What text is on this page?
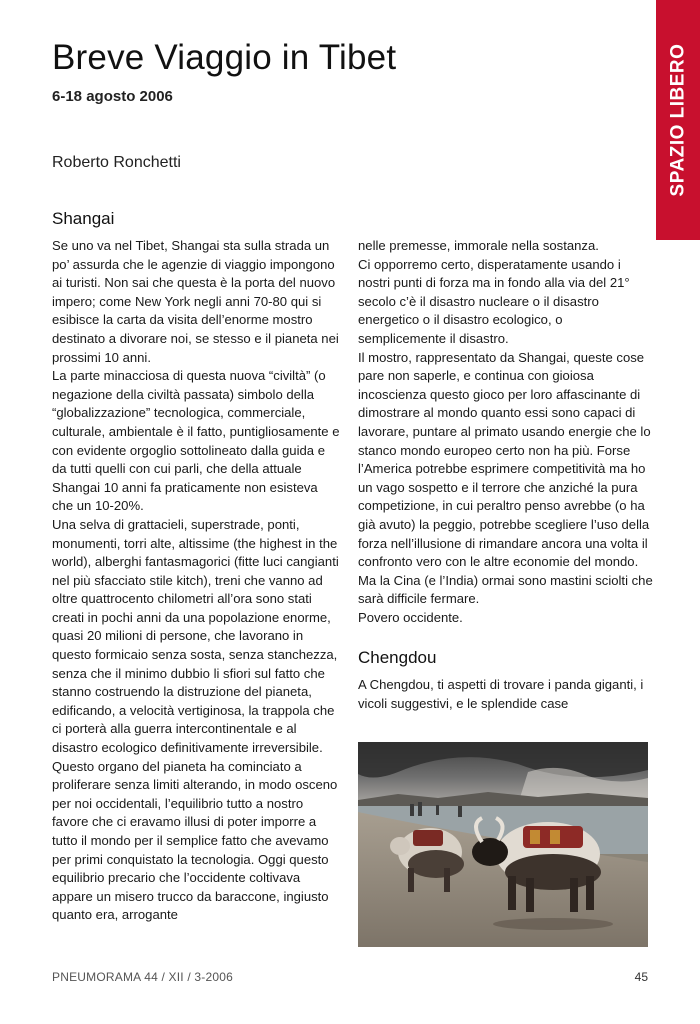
SPAZIO LIBERO
Breve Viaggio in Tibet
6-18 agosto 2006
Roberto Ronchetti
Shangai

Se uno va nel Tibet, Shangai sta sulla strada un po’ assurda che le agenzie di viaggio impongono ai turisti. Non sai che questa è la porta del nuovo impero; come New York negli anni 70-80 qui si esibisce la carta da visita dell’enorme mostro destinato a divorare noi, se stesso e il pianeta nei prossimi 10 anni.

La parte minacciosa di questa nuova “civiltà” (o negazione della civiltà passata) simbolo della “globalizzazione” tecnologica, commerciale, culturale, ambientale è il fatto, puntigliosamente e con evidente orgoglio sottolineato dalla guida e da tutti quelli con cui parli, che della attuale Shangai 10 anni fa praticamente non esisteva che un 10-20%.

Una selva di grattacieli, superstrade, ponti, monumenti, torri alte, altissime (the highest in the world), alberghi fantasmagorici (fitte luci cangianti nel più sfacciato stile kitch), treni che vanno ad oltre quattrocento chilometri all’ora sono stati creati in pochi anni da una popolazione enorme, quasi 20 milioni di persone, che lavorano in questo formicaio senza sosta, senza stanchezza, senza che il minimo dubbio li sfiori sul fatto che stanno costruendo la distruzione del pianeta, edificando, a velocità vertiginosa, la trappola che ci porterà alla guerra intercontinentale e al disastro ecologico definitivamente irreversibile. Questo organo del pianeta ha cominciato a proliferare senza limiti alterando, in modo osceno per noi occidentali, l’equilibrio tutto a nostro favore che ci eravamo illusi di poter imporre a tutto il mondo per il semplice fatto che avevamo per primi conquistato la tecnologia. Oggi questo equilibrio precario che l’occidente coltivava appare un misero trucco da baraccone, ingiusto quanto era, arrogante

nelle premesse, immorale nella sostanza.

Ci opporremo certo, disperatamente usando i nostri punti di forza ma in fondo alla via del 21° secolo c’è il disastro nucleare o il disastro energetico o il disastro ecologico, o semplicemente il disastro.

Il mostro, rappresentato da Shangai, queste cose pare non saperle, e continua con gioiosa incoscienza questo gioco per loro affascinante di dimostrare al mondo quanto essi sono capaci di lavorare, puntare al primato usando energie che lo stanco mondo europeo certo non ha più. Forse l’America potrebbe esprimere competitività ma ho un vago sospetto e il terrore che anziché la pura competizione, in cui peraltro penso avrebbe (o ha già avuto) la peggio, potrebbe scegliere l’uso della forza nell’illusione di rimandare ancora una volta il confronto vero con le altre economie del mondo.

Ma la Cina (e l’India) ormai sono mastini sciolti che sarà difficile fermare.

Povero occidente.

Chengdou

A Chengdou, ti aspetti di trovare i panda giganti, i vicoli suggestivi, e le splendide case

PNEUMORAMA 44 / XII / 3-2006	45
